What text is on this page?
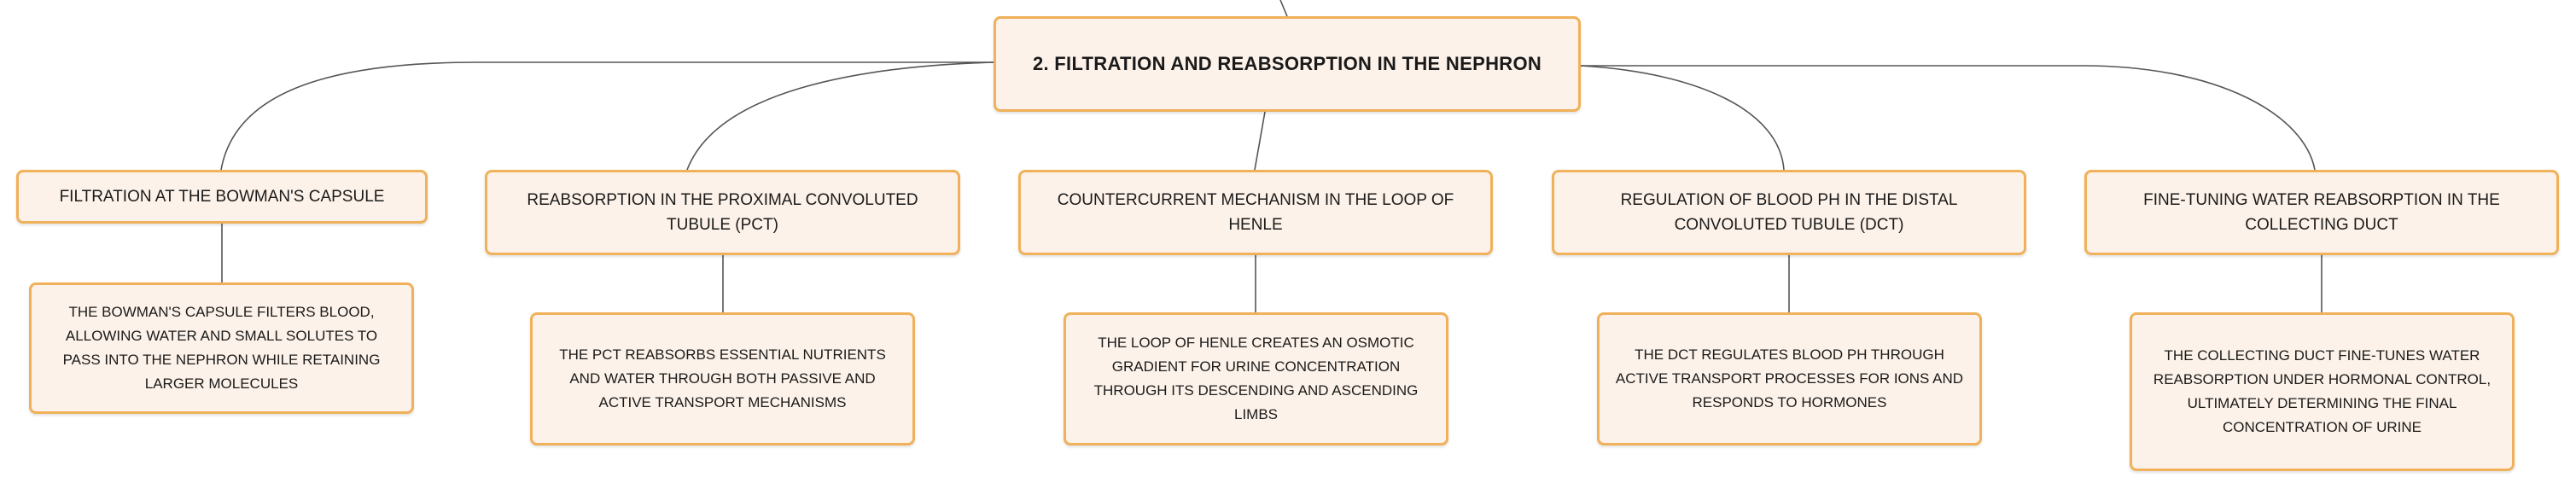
2. FILTRATION AND REABSORPTION IN THE NEPHRON
FILTRATION AT THE BOWMAN'S CAPSULE	REABSORPTION IN THE PROXIMAL CONVOLUTED TUBULE (PCT)
COUNTERCURRENT MECHANISM IN THE LOOP OF HENLE
REGULATION OF BLOOD PH IN THE DISTAL CONVOLUTED TUBULE (DCT)
FINE-TUNING WATER REABSORPTION IN THE COLLECTING DUCT
THE BOWMAN'S CAPSULE FILTERS BLOOD, ALLOWING WATER AND SMALL SOLUTES TO PASS INTO THE NEPHRON WHILE RETAINING LARGER MOLECULES
THE PCT REABSORBS ESSENTIAL NUTRIENTS AND WATER THROUGH BOTH PASSIVE AND ACTIVE TRANSPORT MECHANISMS
THE LOOP OF HENLE CREATES AN OSMOTIC GRADIENT FOR URINE CONCENTRATION THROUGH ITS DESCENDING AND ASCENDING LIMBS
THE DCT REGULATES BLOOD PH THROUGH ACTIVE TRANSPORT PROCESSES FOR IONS AND RESPONDS TO HORMONES
THE COLLECTING DUCT FINE-TUNES WATER REABSORPTION UNDER HORMONAL CONTROL, ULTIMATELY DETERMINING THE FINAL CONCENTRATION OF URINE
